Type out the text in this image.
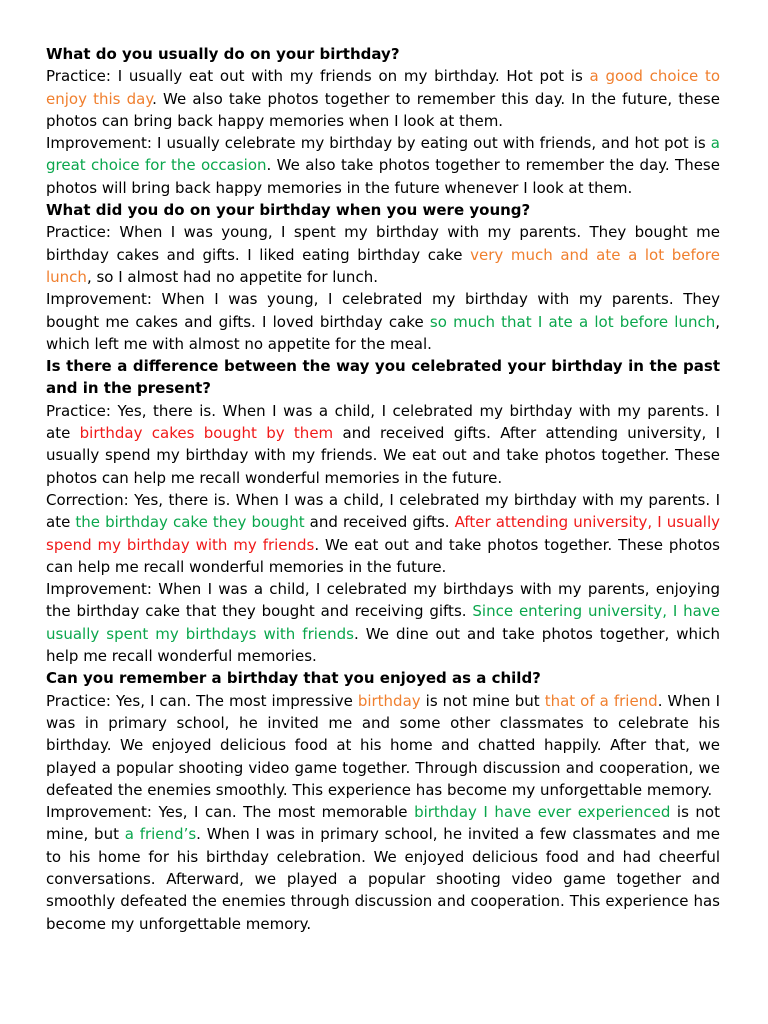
What do you usually do on your birthday?

Practice: I usually eat out with my friends on my birthday. Hot pot is a good choice to enjoy this day. We also take photos together to remember this day. In the future, these photos can bring back happy memories when I look at them.

Improvement: I usually celebrate my birthday by eating out with friends, and hot pot is a great choice for the occasion. We also take photos together to remember the day. These photos will bring back happy memories in the future whenever I look at them.

What did you do on your birthday when you were young?

Practice: When I was young, I spent my birthday with my parents. They bought me birthday cakes and gifts. I liked eating birthday cake very much and ate a lot before lunch, so I almost had no appetite for lunch.

Improvement: When I was young, I celebrated my birthday with my parents. They bought me cakes and gifts. I loved birthday cake so much that I ate a lot before lunch, which left me with almost no appetite for the meal.

Is there a difference between the way you celebrated your birthday in the past and in the present?

Practice: Yes, there is. When I was a child, I celebrated my birthday with my parents. I ate birthday cakes bought by them and received gifts. After attending university, I usually spend my birthday with my friends. We eat out and take photos together. These photos can help me recall wonderful memories in the future.

Correction: Yes, there is. When I was a child, I celebrated my birthday with my parents. I ate the birthday cake they bought and received gifts. After attending university, I usually spend my birthday with my friends. We eat out and take photos together. These photos can help me recall wonderful memories in the future.

Improvement: When I was a child, I celebrated my birthdays with my parents, enjoying the birthday cake that they bought and receiving gifts. Since entering university, I have usually spent my birthdays with friends. We dine out and take photos together, which help me recall wonderful memories.

Can you remember a birthday that you enjoyed as a child?

Practice: Yes, I can. The most impressive birthday is not mine but that of a friend. When I was in primary school, he invited me and some other classmates to celebrate his birthday. We enjoyed delicious food at his home and chatted happily. After that, we played a popular shooting video game together. Through discussion and cooperation, we defeated the enemies smoothly. This experience has become my unforgettable memory.

Improvement: Yes, I can. The most memorable birthday I have ever experienced is not mine, but a friend’s. When I was in primary school, he invited a few classmates and me to his home for his birthday celebration. We enjoyed delicious food and had cheerful conversations. Afterward, we played a popular shooting video game together and smoothly defeated the enemies through discussion and cooperation. This experience has become my unforgettable memory.
